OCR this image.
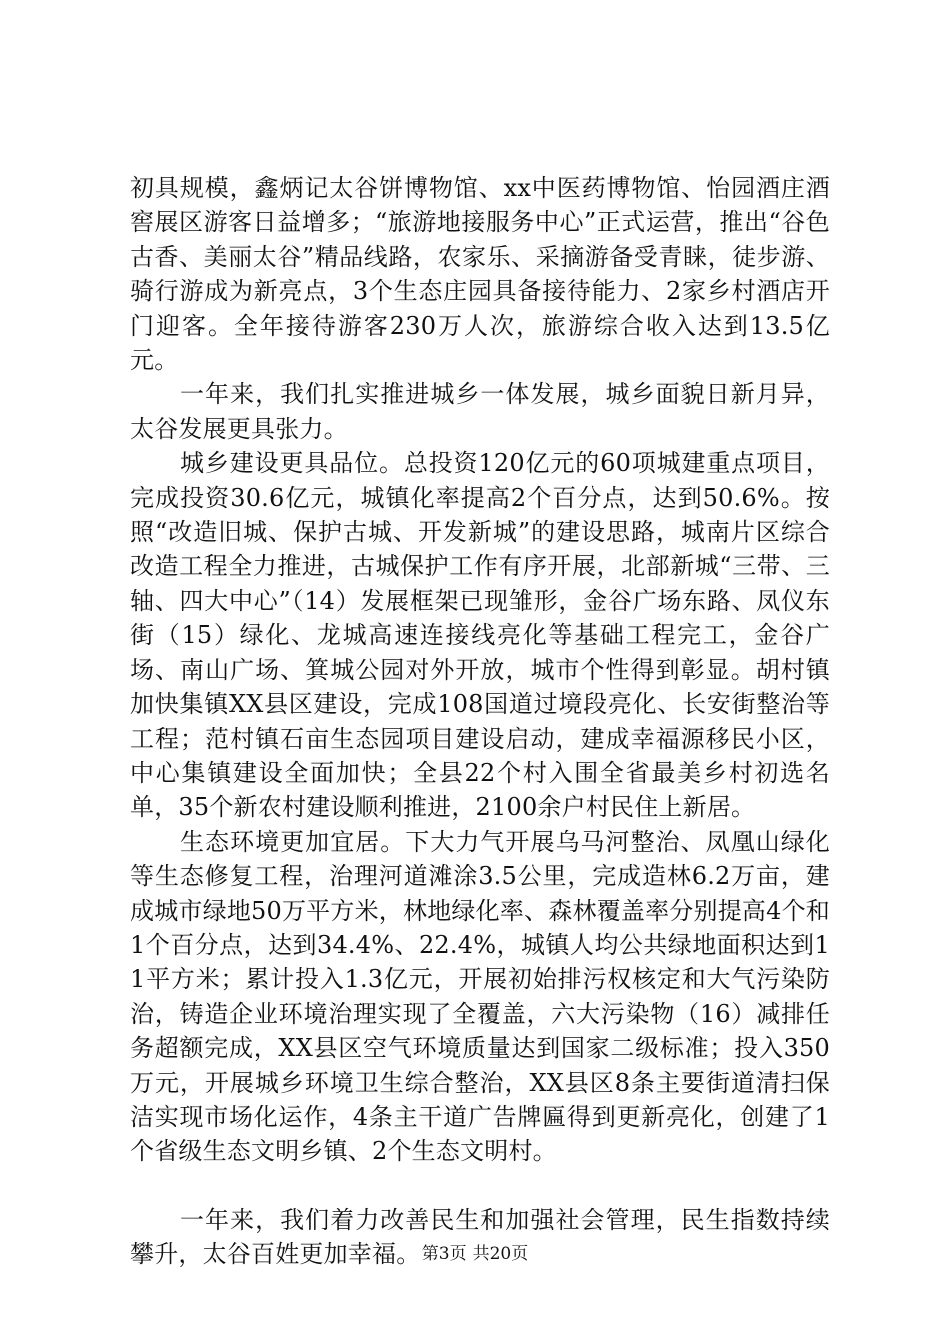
初具规模，鑫炳记太谷饼博物馆、xx中医药博物馆、怡园酒庄酒窖展区游客日益增多；“旅游地接服务中心”正式运营，推出“谷色古香、美丽太谷”精品线路，农家乐、采摘游备受青睐，徒步游、骑行游成为新亮点，3个生态庄园具备接待能力、2家乡村酒店开门迎客。全年接待游客230万人次，旅游综合收入达到13.5亿元。

一年来，我们扎实推进城乡一体发展，城乡面貌日新月异，太谷发展更具张力。

城乡建设更具品位。总投资120亿元的60项城建重点项目，完成投资30.6亿元，城镇化率提高2个百分点，达到50.6%。按照“改造旧城、保护古城、开发新城”的建设思路，城南片区综合改造工程全力推进，古城保护工作有序开展，北部新城“三带、三轴、四大中心”（14）发展框架已现雏形，金谷广场东路、凤仪东街（15）绿化、龙城高速连接线亮化等基础工程完工，金谷广场、南山广场、箕城公园对外开放，城市个性得到彰显。胡村镇加快集镇XX县区建设，完成108国道过境段亮化、长安街整治等工程；范村镇石亩生态园项目建设启动，建成幸福源移民小区，中心集镇建设全面加快；全县22个村入围全省最美乡村初选名单，35个新农村建设顺利推进，2100余户村民住上新居。

生态环境更加宜居。下大力气开展乌马河整治、凤凰山绿化等生态修复工程，治理河道滩涂3.5公里，完成造林6.2万亩，建成城市绿地50万平方米，林地绿化率、森林覆盖率分别提高4个和1个百分点，达到34.4%、22.4%，城镇人均公共绿地面积达到11平方米；累计投入1.3亿元，开展初始排污权核定和大气污染防治，铸造企业环境治理实现了全覆盖，六大污染物（16）减排任务超额完成，XX县区空气环境质量达到国家二级标准；投入350万元，开展城乡环境卫生综合整治，XX县区8条主要街道清扫保洁实现市场化运作，4条主干道广告牌匾得到更新亮化，创建了1个省级生态文明乡镇、2个生态文明村。

一年来，我们着力改善民生和加强社会管理，民生指数持续攀升，太谷百姓更加幸福。 第3页 共20页
